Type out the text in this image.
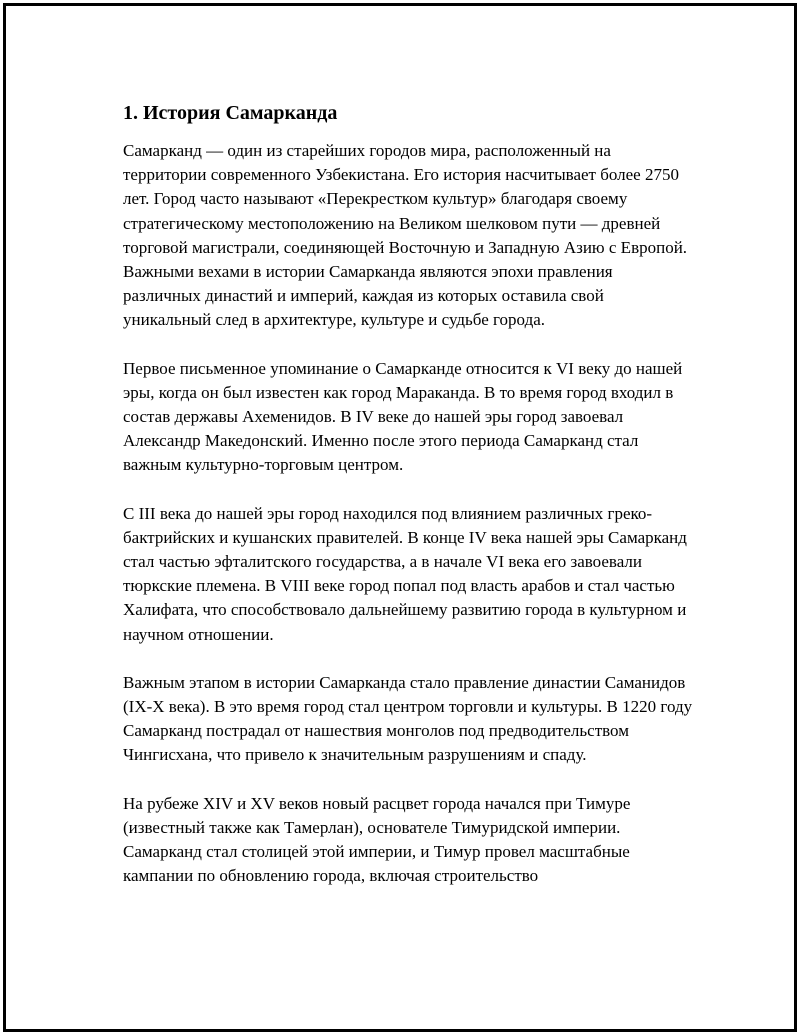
1. История Самарканда

Самарканд — один из старейших городов мира, расположенный на территории современного Узбекистана. Его история насчитывает более 2750 лет. Город часто называют «Перекрестком культур» благодаря своему стратегическому местоположению на Великом шелковом пути — древней торговой магистрали, соединяющей Восточную и Западную Азию с Европой. Важными вехами в истории Самарканда являются эпохи правления различных династий и империй, каждая из которых оставила свой уникальный след в архитектуре, культуре и судьбе города.

Первое письменное упоминание о Самарканде относится к VI веку до нашей эры, когда он был известен как город Мараканда. В то время город входил в состав державы Ахеменидов. В IV веке до нашей эры город завоевал Александр Македонский. Именно после этого периода Самарканд стал важным культурно-торговым центром.

С III века до нашей эры город находился под влиянием различных греко-бактрийских и кушанских правителей. В конце IV века нашей эры Самарканд стал частью эфталитского государства, а в начале VI века его завоевали тюркские племена. В VIII веке город попал под власть арабов и стал частью Халифата, что способствовало дальнейшему развитию города в культурном и научном отношении.

Важным этапом в истории Самарканда стало правление династии Саманидов (IX-X века). В это время город стал центром торговли и культуры. В 1220 году Самарканд пострадал от нашествия монголов под предводительством Чингисхана, что привело к значительным разрушениям и спаду.

На рубеже XIV и XV веков новый расцвет города начался при Тимуре (известный также как Тамерлан), основателе Тимуридской империи. Самарканд стал столицей этой империи, и Тимур провел масштабные кампании по обновлению города, включая строительство
